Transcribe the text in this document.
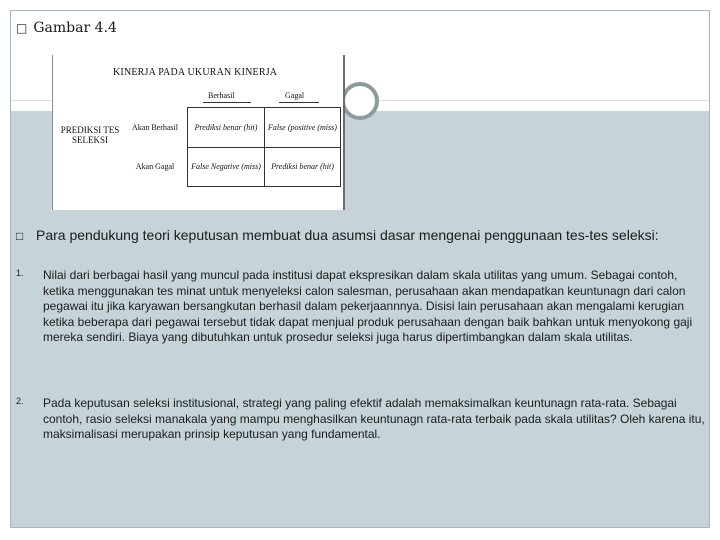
□ Gambar 4.4
KINERJA PADA UKURAN KINERJA
Berhasil	Gagal
PREDIKSI TES SELEKSI
Akan Berhasil	Prediksi benar (hit)	False (positive (miss)
Akan Gagal	False Negative (miss)	Prediksi benar (hit)
□ Para pendukung teori keputusan membuat dua asumsi dasar mengenai penggunaan tes-tes seleksi:
1. Nilai dari berbagai hasil yang muncul pada institusi dapat ekspresikan dalam skala utilitas yang umum. Sebagai contoh, ketika menggunakan tes minat untuk menyeleksi calon salesman, perusahaan akan mendapatkan keuntunagn dari calon pegawai itu jika karyawan bersangkutan berhasil dalam pekerjaannnya. Disisi lain perusahaan akan mengalami kerugian ketika beberapa dari pegawai tersebut tidak dapat menjual produk perusahaan dengan baik bahkan untuk menyokong gaji mereka sendiri. Biaya yang dibutuhkan untuk prosedur seleksi juga harus dipertimbangkan dalam skala utilitas.
2. Pada keputusan seleksi institusional, strategi yang paling efektif adalah memaksimalkan keuntunagn rata-rata. Sebagai contoh, rasio seleksi manakala yang mampu menghasilkan keuntunagn rata-rata terbaik pada skala utilitas? Oleh karena itu, maksimalisasi merupakan prinsip keputusan yang fundamental.
